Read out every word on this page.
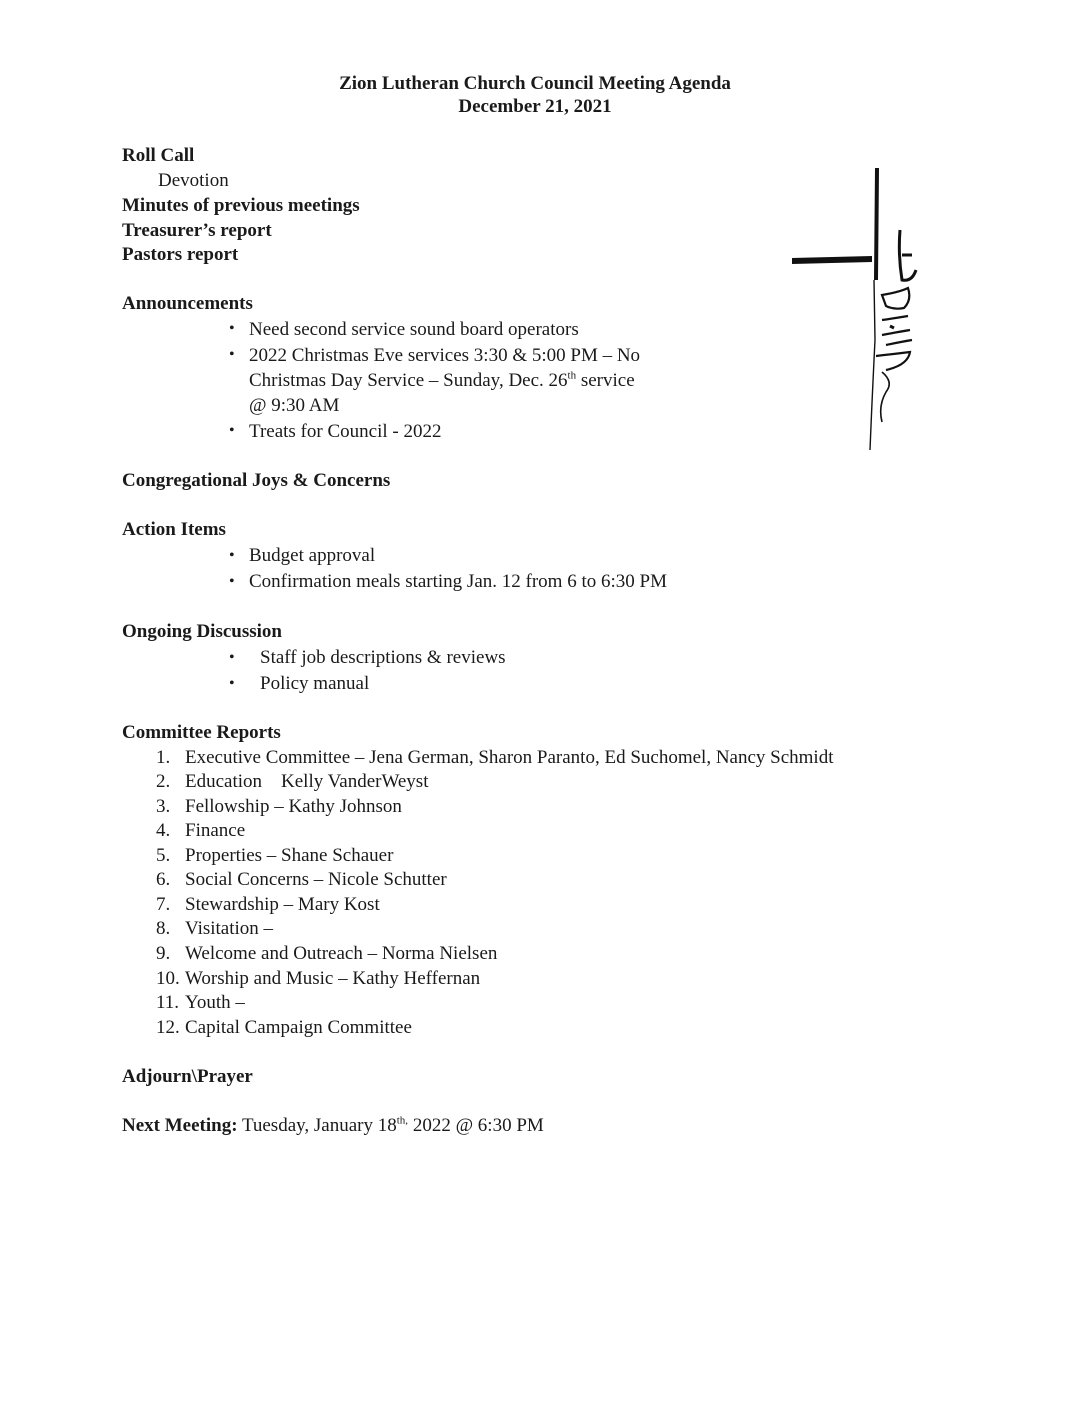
Zion Lutheran Church Council Meeting Agenda
December 21, 2021
Roll Call
Devotion
Minutes of previous meetings
Treasurer’s report
Pastors report
Announcements
• Need second service sound board operators
• 2022 Christmas Eve services 3:30 & 5:00 PM – No
Christmas Day Service – Sunday, Dec. 26th service
@ 9:30 AM
• Treats for Council - 2022
Congregational Joys & Concerns
Action Items
• Budget approval
• Confirmation meals starting Jan. 12 from 6 to 6:30 PM
Ongoing Discussion
• Staff job descriptions & reviews
• Policy manual
Committee Reports
1. Executive Committee – Jena German, Sharon Paranto, Ed Suchomel, Nancy Schmidt
2. Education    Kelly VanderWeyst
3. Fellowship – Kathy Johnson
4. Finance
5. Properties – Shane Schauer
6. Social Concerns – Nicole Schutter
7. Stewardship – Mary Kost
8. Visitation –
9. Welcome and Outreach – Norma Nielsen
10. Worship and Music – Kathy Heffernan
11. Youth –
12. Capital Campaign Committee
Adjourn\Prayer
Next Meeting: Tuesday, January $18^{th,}$ 2022 @ 6:30 PM
